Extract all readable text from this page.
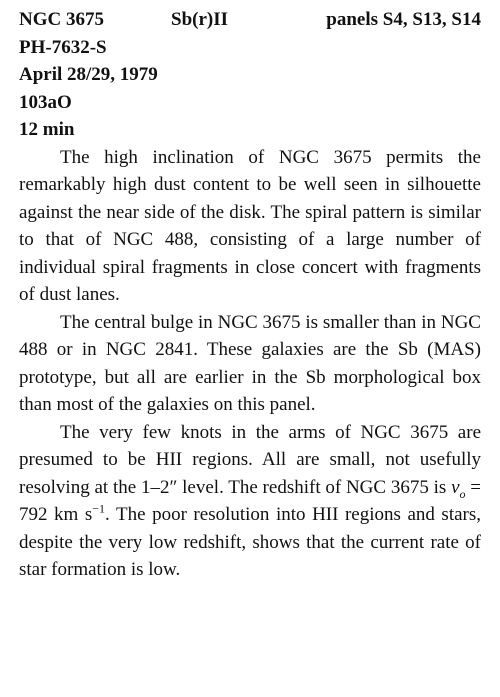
NGC 3675	Sb(r)II	panels S4, S13, S14
PH-7632-S
April 28/29, 1979
103aO
12 min

The high inclination of NGC 3675 permits the remarkably high dust content to be well seen in silhouette against the near side of the disk. The spiral pattern is similar to that of NGC 488, consisting of a large number of individual spiral fragments in close concert with fragments of dust lanes.

The central bulge in NGC 3675 is smaller than in NGC 488 or in NGC 2841. These galaxies are the Sb (MAS) prototype, but all are earlier in the Sb morphological box than most of the galaxies on this panel.

The very few knots in the arms of NGC 3675 are presumed to be HII regions. All are small, not usefully resolving at the 1–2″ level. The redshift of NGC 3675 is $v_o = 792$ km $s^{-1}$. The poor resolution into HII regions and stars, despite the very low redshift, shows that the current rate of star formation is low.
